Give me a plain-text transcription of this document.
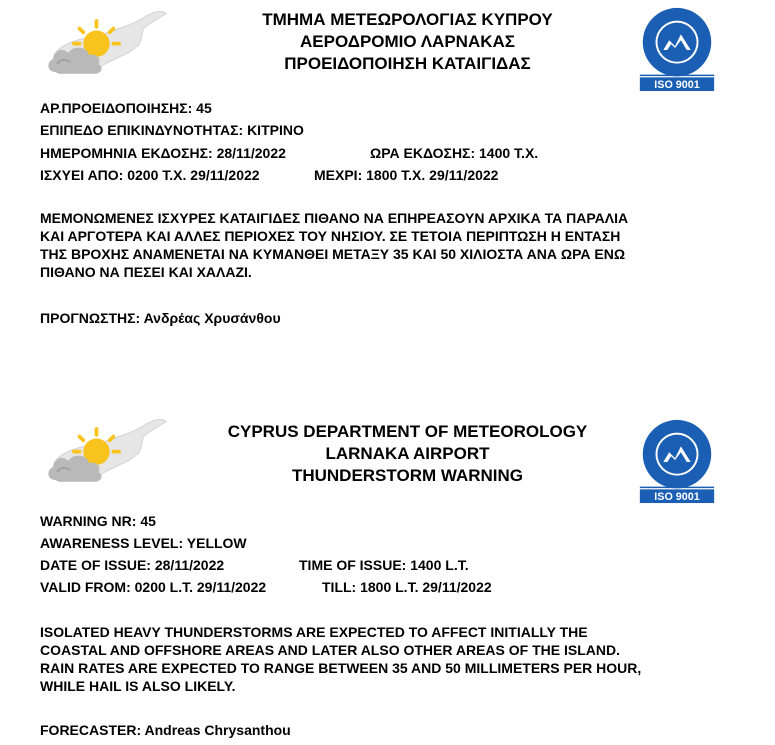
ΤΜΗΜΑ ΜΕΤΕΩΡΟΛΟΓΙΑΣ ΚΥΠΡΟΥ
ΑΕΡΟΔΡΟΜΙΟ ΛΑΡΝΑΚΑΣ
ΠΡΟΕΙΔΟΠΟΙΗΣΗ ΚΑΤΑΙΓΙΔΑΣ
ISO 9001
ΑΡ.ΠΡΟΕΙΔΟΠΟΙΗΣΗΣ: 45
ΕΠΙΠΕΔΟ ΕΠΙΚΙΝΔΥΝΟΤΗΤΑΣ: ΚΙΤΡΙΝΟ
ΗΜΕΡΟΜΗΝΙΑ ΕΚΔΟΣΗΣ: 28/11/2022	ΩΡΑ ΕΚΔΟΣΗΣ: 1400 Τ.Χ.
ΙΣΧΥΕΙ ΑΠΟ: 0200 Τ.Χ. 29/11/2022	ΜΕΧΡΙ: 1800 Τ.Χ. 29/11/2022
ΜΕΜΟΝΩΜΕΝΕΣ ΙΣΧΥΡΕΣ ΚΑΤΑΙΓΙΔΕΣ ΠΙΘΑΝΟ ΝΑ ΕΠΗΡΕΑΣΟΥΝ ΑΡΧΙΚΑ ΤΑ ΠΑΡΑΛΙΑ
ΚΑΙ ΑΡΓΟΤΕΡΑ ΚΑΙ ΑΛΛΕΣ ΠΕΡΙΟΧΕΣ ΤΟΥ ΝΗΣΙΟΥ. ΣΕ ΤΕΤΟΙΑ ΠΕΡΙΠΤΩΣΗ Η ΕΝΤΑΣΗ
ΤΗΣ ΒΡΟΧΗΣ ΑΝΑΜΕΝΕΤΑΙ ΝΑ ΚΥΜΑΝΘΕΙ ΜΕΤΑΞΥ 35 ΚΑΙ 50 ΧΙΛΙΟΣΤΑ ΑΝΑ ΩΡΑ ΕΝΩ
ΠΙΘΑΝΟ ΝΑ ΠΕΣΕΙ ΚΑΙ ΧΑΛΑΖΙ.
ΠΡΟΓΝΩΣΤΗΣ: Ανδρέας Χρυσάνθου
CYPRUS DEPARTMENT OF METEOROLOGY
LARNAKA AIRPORT
THUNDERSTORM WARNING
ISO 9001
WARNING NR: 45
AWARENESS LEVEL: YELLOW
DATE OF ISSUE: 28/11/2022	TIME OF ISSUE: 1400 L.T.
VALID FROM: 0200 L.T. 29/11/2022	TILL: 1800 L.T. 29/11/2022
ISOLATED HEAVY THUNDERSTORMS ARE EXPECTED TO AFFECT INITIALLY THE
COASTAL AND OFFSHORE AREAS AND LATER ALSO OTHER AREAS OF THE ISLAND.
RAIN RATES ARE EXPECTED TO RANGE BETWEEN 35 AND 50 MILLIMETERS PER HOUR,
WHILE HAIL IS ALSO LIKELY.
FORECASTER: Andreas Chrysanthou
